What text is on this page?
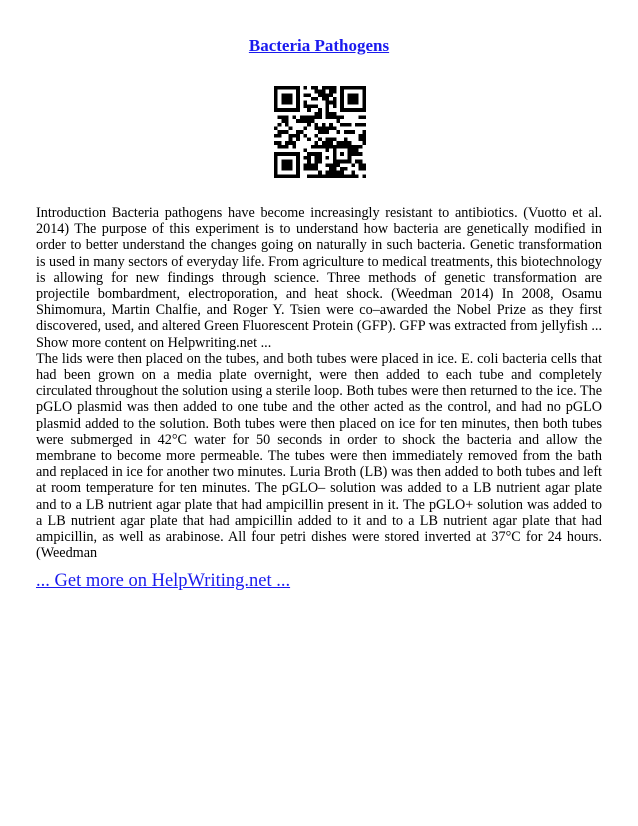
Bacteria Pathogens

Introduction Bacteria pathogens have become increasingly resistant to antibiotics. (Vuotto et al. 2014) The purpose of this experiment is to understand how bacteria are genetically modified in order to better understand the changes going on naturally in such bacteria. Genetic transformation is used in many sectors of everyday life. From agriculture to medical treatments, this biotechnology is allowing for new findings through science. Three methods of genetic transformation are projectile bombardment, electroporation, and heat shock. (Weedman 2014) In 2008, Osamu Shimomura, Martin Chalfie, and Roger Y. Tsien were co–awarded the Nobel Prize as they first discovered, used, and altered Green Fluorescent Protein (GFP). GFP was extracted from jellyfish ... Show more content on Helpwriting.net ...

The lids were then placed on the tubes, and both tubes were placed in ice. E. coli bacteria cells that had been grown on a media plate overnight, were then added to each tube and completely circulated throughout the solution using a sterile loop. Both tubes were then returned to the ice. The pGLO plasmid was then added to one tube and the other acted as the control, and had no pGLO plasmid added to the solution. Both tubes were then placed on ice for ten minutes, then both tubes were submerged in 42°C water for 50 seconds in order to shock the bacteria and allow the membrane to become more permeable. The tubes were then immediately removed from the bath and replaced in ice for another two minutes. Luria Broth (LB) was then added to both tubes and left at room temperature for ten minutes. The pGLO– solution was added to a LB nutrient agar plate and to a LB nutrient agar plate that had ampicillin present in it. The pGLO+ solution was added to a LB nutrient agar plate that had ampicillin added to it and to a LB nutrient agar plate that had ampicillin, as well as arabinose. All four petri dishes were stored inverted at 37°C for 24 hours. (Weedman

... Get more on HelpWriting.net ...
